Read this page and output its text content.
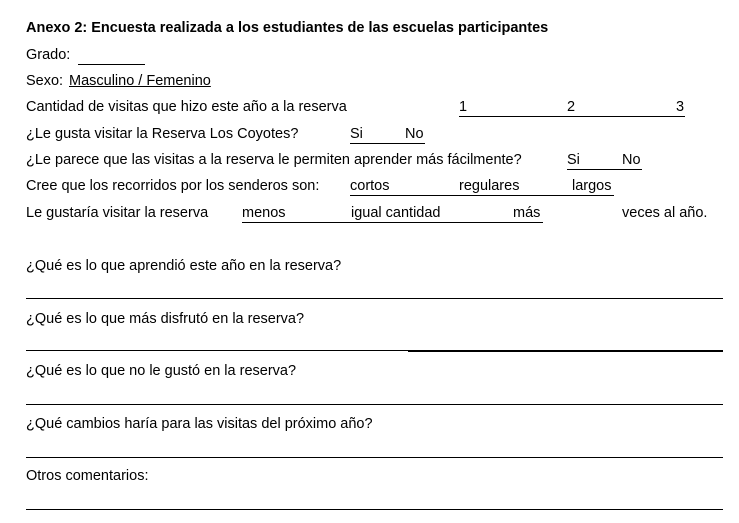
Anexo 2: Encuesta realizada a los estudiantes de las escuelas participantes
Grado:
Sexo: Masculino / Femenino
Cantidad de visitas que hizo este año a la reserva	1	2	3
¿Le gusta visitar la Reserva Los Coyotes?	Si	No
¿Le parece que las visitas a la reserva le permiten aprender más fácilmente?	Si	No
Cree que los recorridos por los senderos son: cortos	regulares	largos
Le gustaría visitar la reserva menos	igual cantidad	más	veces al año.
¿Qué es lo que aprendió este año en la reserva?
¿Qué es lo que más disfrutó en la reserva?
¿Qué es lo que no le gustó en la reserva?
¿Qué cambios haría para las visitas del próximo año?
Otros comentarios:
